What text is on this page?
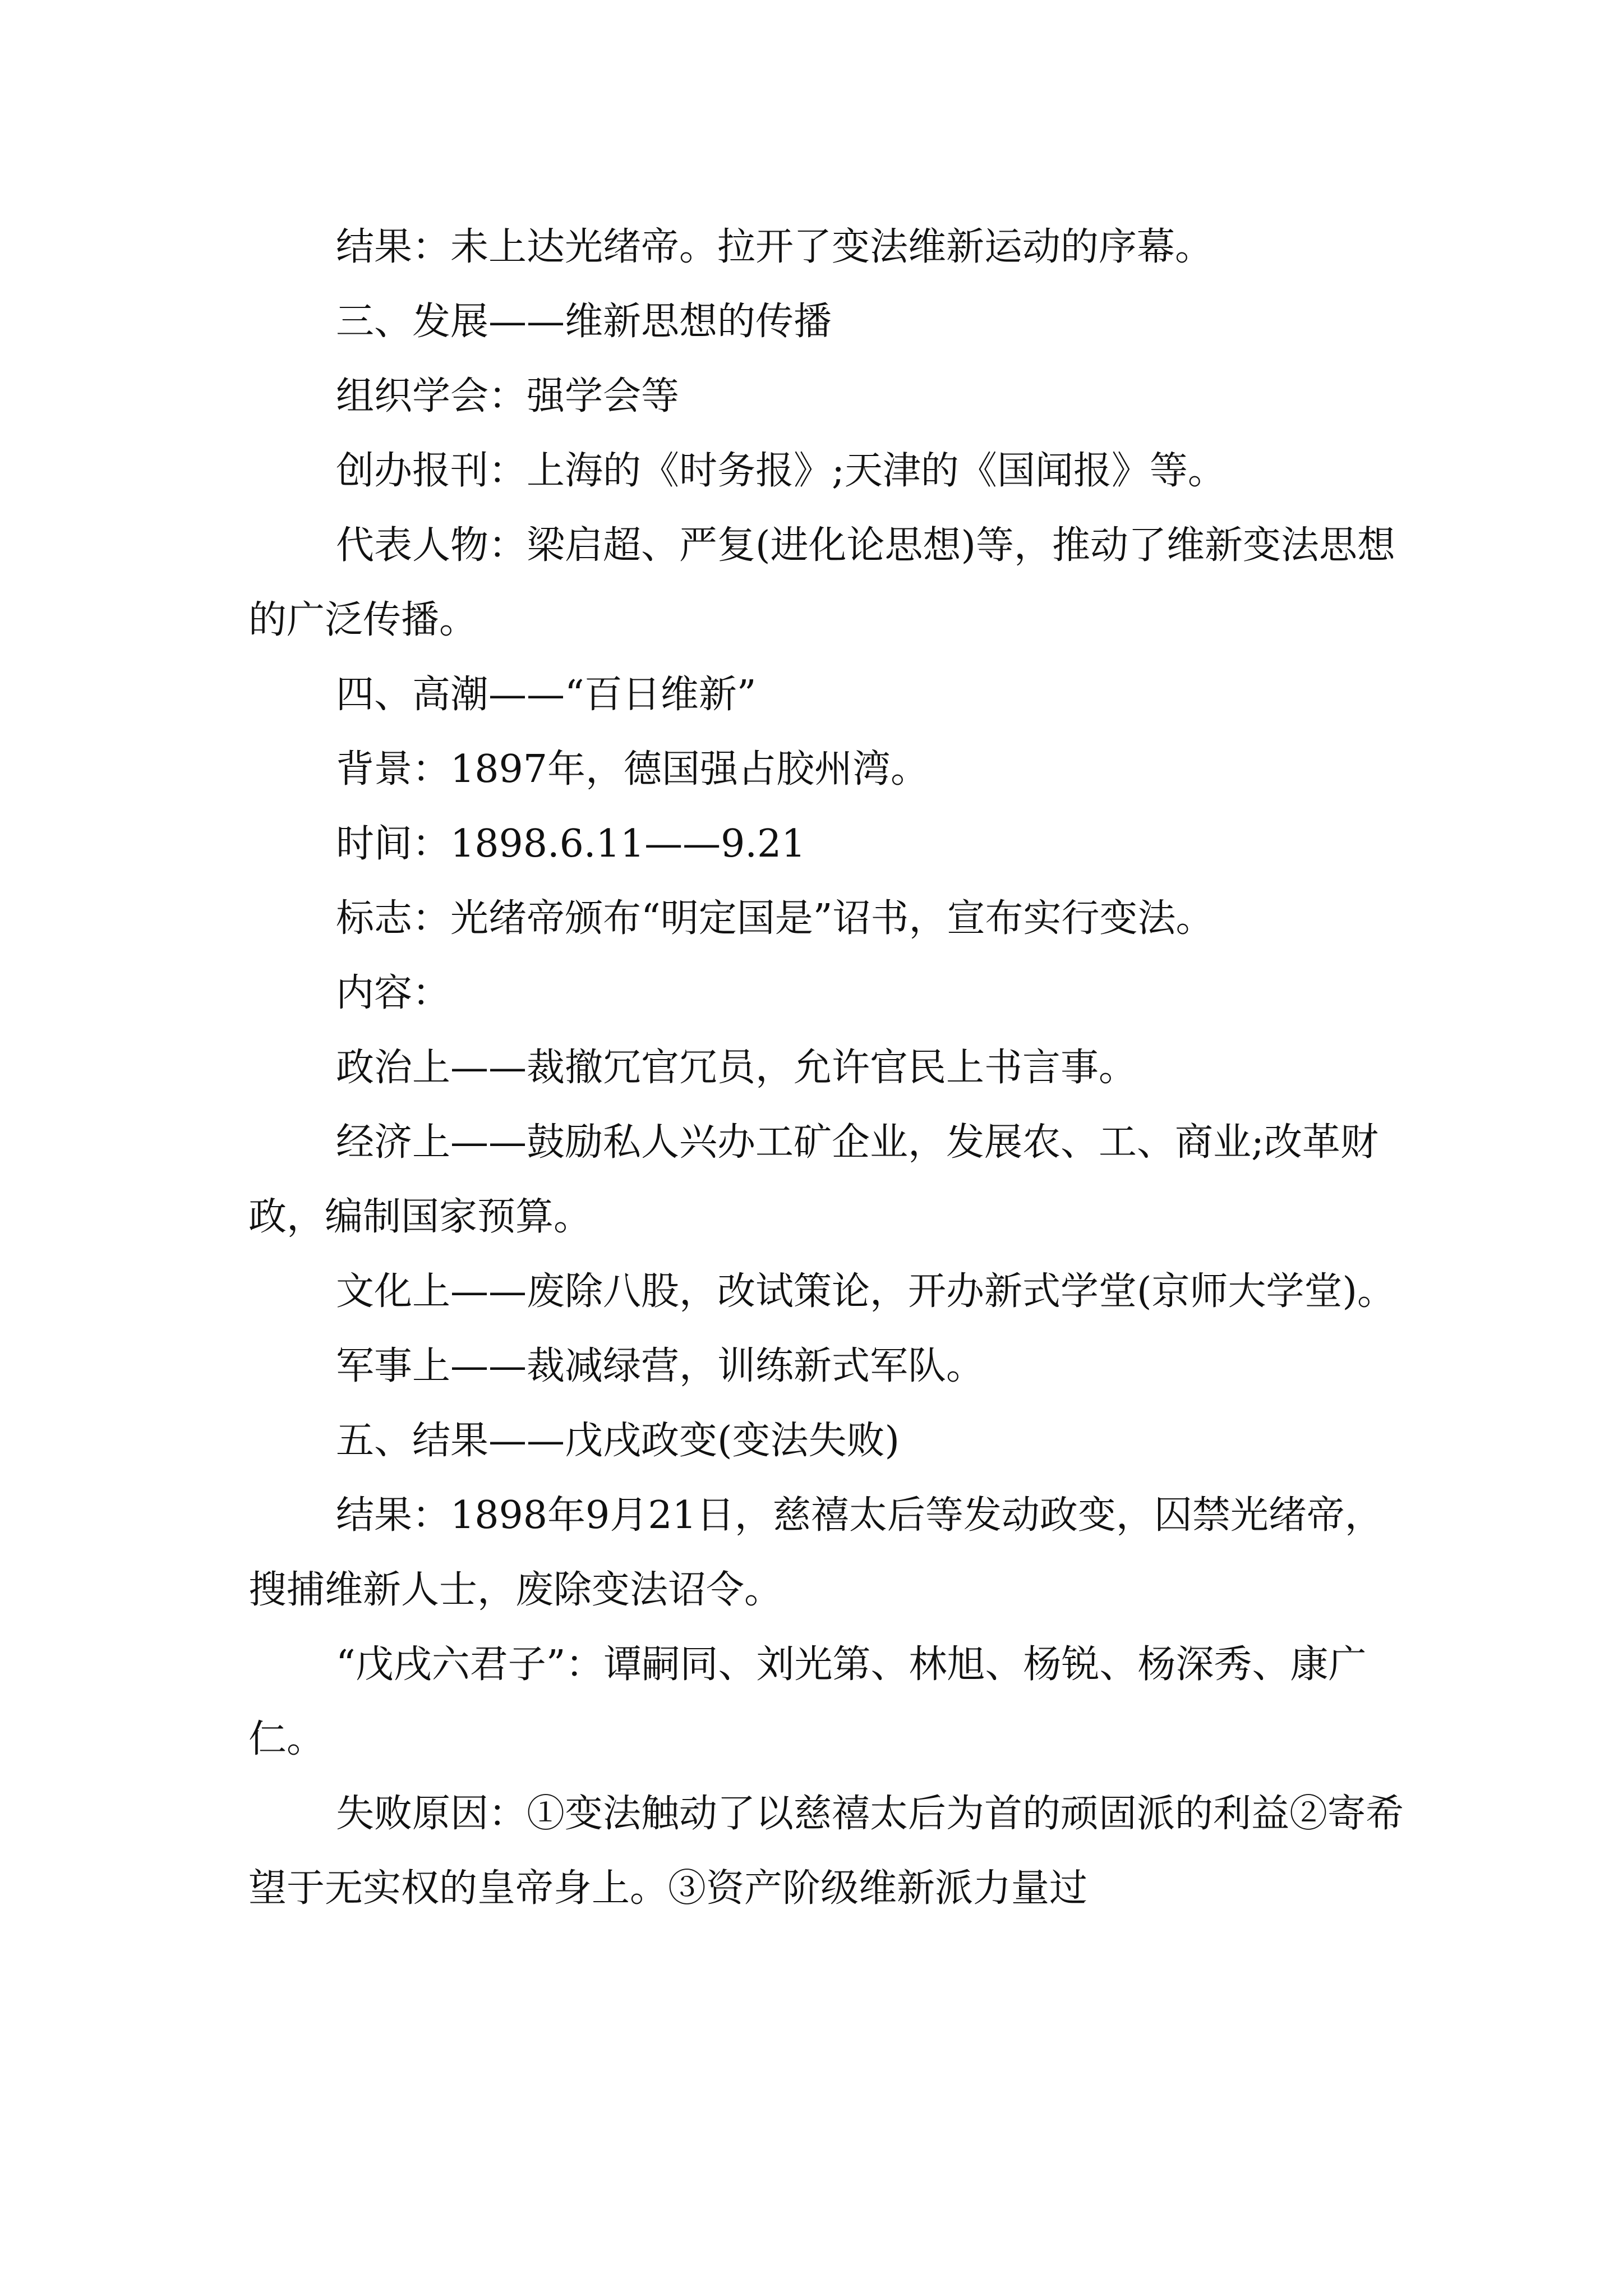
结果：未上达光绪帝。拉开了变法维新运动的序幕。

三、发展——维新思想的传播

组织学会：强学会等

创办报刊：上海的《时务报》;天津的《国闻报》等。

代表人物：梁启超、严复(进化论思想)等，推动了维新变法思想的广泛传播。

四、高潮——“百日维新”

背景：1897年，德国强占胶州湾。

时间：1898.6.11——9.21

标志：光绪帝颁布“明定国是”诏书，宣布实行变法。

内容：

政治上——裁撤冗官冗员，允许官民上书言事。

经济上——鼓励私人兴办工矿企业，发展农、工、商业;改革财政，编制国家预算。

文化上——废除八股，改试策论，开办新式学堂(京师大学堂)。

军事上——裁减绿营，训练新式军队。

五、结果——戊戌政变(变法失败)

结果：1898年9月21日，慈禧太后等发动政变，囚禁光绪帝，搜捕维新人士，废除变法诏令。

“戊戌六君子”：谭嗣同、刘光第、林旭、杨锐、杨深秀、康广仁。

失败原因：①变法触动了以慈禧太后为首的顽固派的利益②寄希望于无实权的皇帝身上。③资产阶级维新派力量过
